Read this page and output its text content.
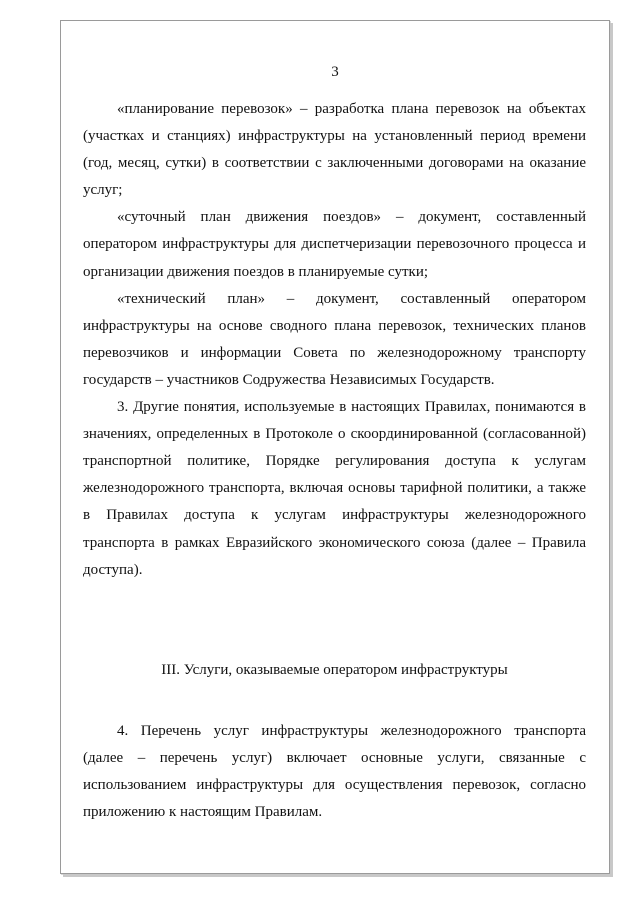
3

«планирование перевозок» – разработка плана перевозок на объектах (участках и станциях) инфраструктуры на установленный период времени (год, месяц, сутки) в соответствии с заключенными договорами на оказание услуг;

«суточный план движения поездов» – документ, составленный оператором инфраструктуры для диспетчеризации перевозочного процесса и организации движения поездов в планируемые сутки;

«технический план» – документ, составленный оператором инфраструктуры на основе сводного плана перевозок, технических планов перевозчиков и информации Совета по железнодорожному транспорту государств – участников Содружества Независимых Государств.

3. Другие понятия, используемые в настоящих Правилах, понимаются в значениях, определенных в Протоколе о скоординированной (согласованной) транспортной политике, Порядке регулирования доступа к услугам железнодорожного транспорта, включая основы тарифной политики, а также в Правилах доступа к услугам инфраструктуры железнодорожного транспорта в рамках Евразийского экономического союза (далее – Правила доступа).

III. Услуги, оказываемые оператором инфраструктуры

4. Перечень услуг инфраструктуры железнодорожного транспорта (далее – перечень услуг) включает основные услуги, связанные с использованием инфраструктуры для осуществления перевозок, согласно приложению к настоящим Правилам.
